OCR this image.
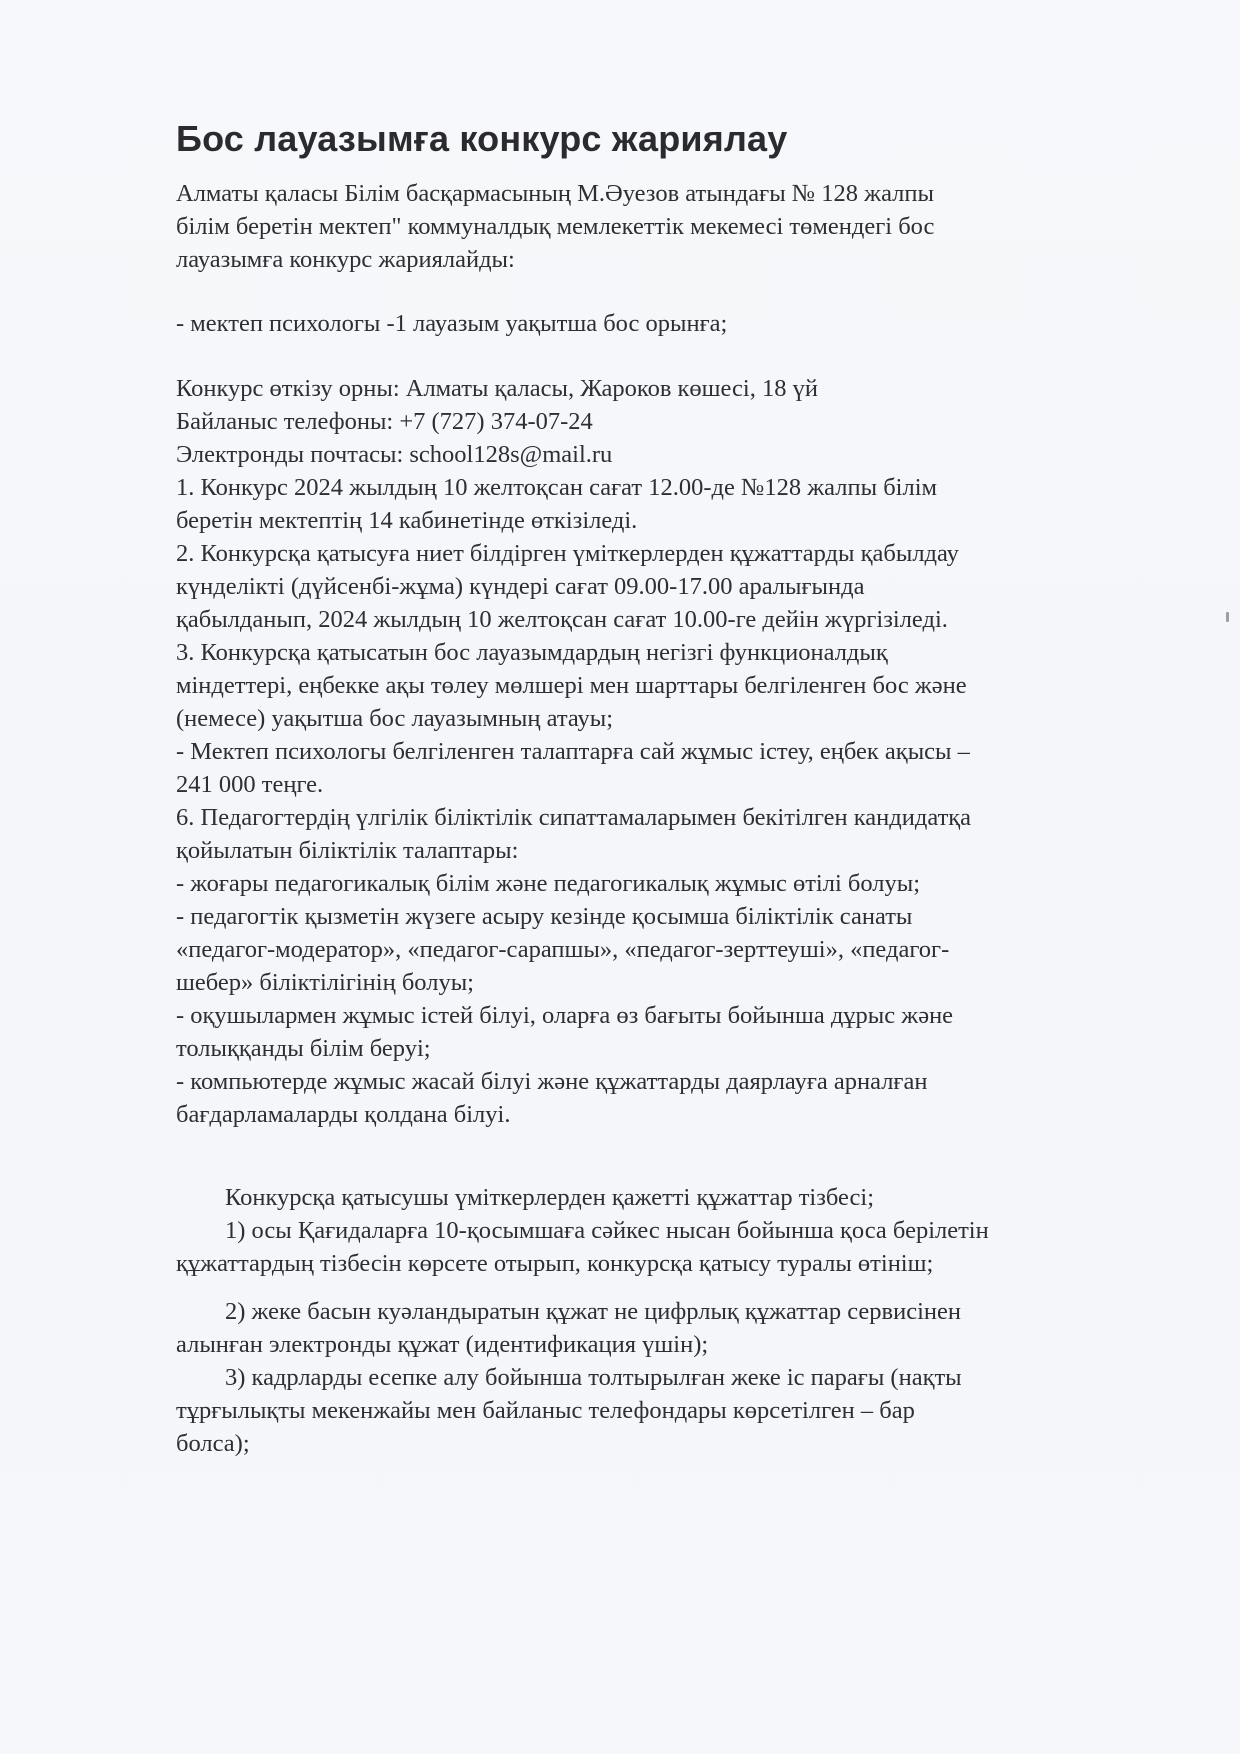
Бос лауазымға конкурс жариялау
Алматы қаласы Білім басқармасының М.Әуезов атындағы № 128 жалпы
білім беретін мектеп" коммуналдық мемлекеттік мекемесі төмендегі бос
лауазымға конкурс жариялайды:
- мектеп психологы -1 лауазым уақытша бос орынға;
Конкурс өткізу орны: Алматы қаласы, Жароков көшесі, 18 үй
Байланыс телефоны: +7 (727) 374-07-24
Электронды почтасы: school128s@mail.ru
1. Конкурс 2024 жылдың 10 желтоқсан сағат 12.00-де №128 жалпы білім
беретін мектептің 14 кабинетінде өткізіледі.
2. Конкурсқа қатысуға ниет білдірген үміткерлерден құжаттарды қабылдау
күнделікті (дүйсенбі-жұма) күндері сағат 09.00-17.00 аралығында
қабылданып, 2024 жылдың 10 желтоқсан сағат 10.00-ге дейін жүргізіледі.
3. Конкурсқа қатысатын бос лауазымдардың негізгі функционалдық
міндеттері, еңбекке ақы төлеу мөлшері мен шарттары белгіленген бос және
(немесе) уақытша бос лауазымның атауы;
- Мектеп психологы белгіленген талаптарға сай жұмыс істеу, еңбек ақысы –
241 000 теңге.
6. Педагогтердің үлгілік біліктілік сипаттамаларымен бекітілген кандидатқа
қойылатын біліктілік талаптары:
- жоғары педагогикалық білім және педагогикалық жұмыс өтілі болуы;
- педагогтік қызметін жүзеге асыру кезінде қосымша біліктілік санаты
«педагог-модератор», «педагог-сарапшы», «педагог-зерттеуші», «педагог-
шебер» біліктілігінің болуы;
- оқушылармен жұмыс істей білуі, оларға өз бағыты бойынша дұрыс және
толыққанды білім беруі;
- компьютерде жұмыс жасай білуі және құжаттарды даярлауға арналған
бағдарламаларды қолдана білуі.
Конкурсқа қатысушы үміткерлерден қажетті құжаттар тізбесі;
1) осы Қағидаларға 10-қосымшаға сәйкес нысан бойынша қоса берілетін
құжаттардың тізбесін көрсете отырып, конкурсқа қатысу туралы өтініш;
2) жеке басын куәландыратын құжат не цифрлық құжаттар сервисінен
алынған электронды құжат (идентификация үшін);
3) кадрларды есепке алу бойынша толтырылған жеке іс парағы (нақты
тұрғылықты мекенжайы мен байланыс телефондары көрсетілген – бар
болса);
